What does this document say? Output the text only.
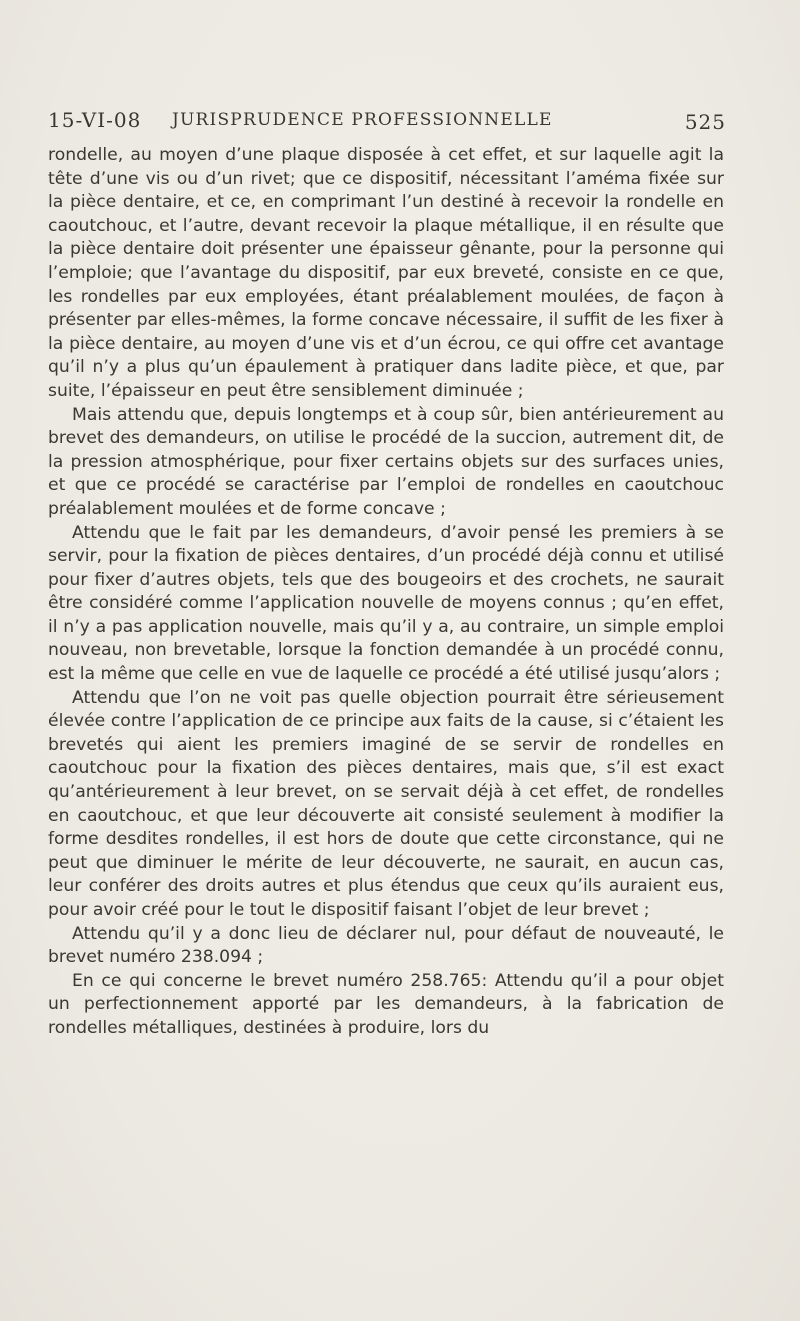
15-VI-08 JURISPRUDENCE PROFESSIONNELLE	525

rondelle, au moyen d’une plaque disposée à cet effet, et sur laquelle agit la tête d’une vis ou d’un rivet; que ce dispositif, nécessitant l’améma fixée sur la pièce dentaire, et ce, en comprimant l’un destiné à recevoir la rondelle en caoutchouc, et l’autre, devant recevoir la plaque métallique, il en résulte que la pièce dentaire doit présenter une épaisseur gênante, pour la personne qui l’emploie; que l’avantage du dispositif, par eux breveté, consiste en ce que, les rondelles par eux employées, étant préalablement moulées, de façon à présenter par elles-mêmes, la forme concave nécessaire, il suffit de les fixer à la pièce dentaire, au moyen d’une vis et d’un écrou, ce qui offre cet avantage qu’il n’y a plus qu’un épaulement à pratiquer dans ladite pièce, et que, par suite, l’épaisseur en peut être sensiblement diminuée ;

Mais attendu que, depuis longtemps et à coup sûr, bien antérieurement au brevet des demandeurs, on utilise le procédé de la succion, autrement dit, de la pression atmosphérique, pour fixer certains objets sur des surfaces unies, et que ce procédé se caractérise par l’emploi de rondelles en caoutchouc préalablement moulées et de forme concave ;

Attendu que le fait par les demandeurs, d’avoir pensé les premiers à se servir, pour la fixation de pièces dentaires, d’un procédé déjà connu et utilisé pour fixer d’autres objets, tels que des bougeoirs et des crochets, ne saurait être considéré comme l’application nouvelle de moyens connus ; qu’en effet, il n’y a pas application nouvelle, mais qu’il y a, au contraire, un simple emploi nouveau, non brevetable, lorsque la fonction demandée à un procédé connu, est la même que celle en vue de laquelle ce procédé a été utilisé jusqu’alors ;

Attendu que l’on ne voit pas quelle objection pourrait être sérieusement élevée contre l’application de ce principe aux faits de la cause, si c’étaient les brevetés qui aient les premiers imaginé de se servir de rondelles en caoutchouc pour la fixation des pièces dentaires, mais que, s’il est exact qu’antérieurement à leur brevet, on se servait déjà à cet effet, de rondelles en caoutchouc, et que leur découverte ait consisté seulement à modifier la forme desdites rondelles, il est hors de doute que cette circonstance, qui ne peut que diminuer le mérite de leur découverte, ne saurait, en aucun cas, leur conférer des droits autres et plus étendus que ceux qu’ils auraient eus, pour avoir créé pour le tout le dispositif faisant l’objet de leur brevet ;

Attendu qu’il y a donc lieu de déclarer nul, pour défaut de nouveauté, le brevet numéro 238.094 ;

En ce qui concerne le brevet numéro 258.765: Attendu qu’il a pour objet un perfectionnement apporté par les demandeurs, à la fabrication de rondelles métalliques, destinées à produire, lors du
